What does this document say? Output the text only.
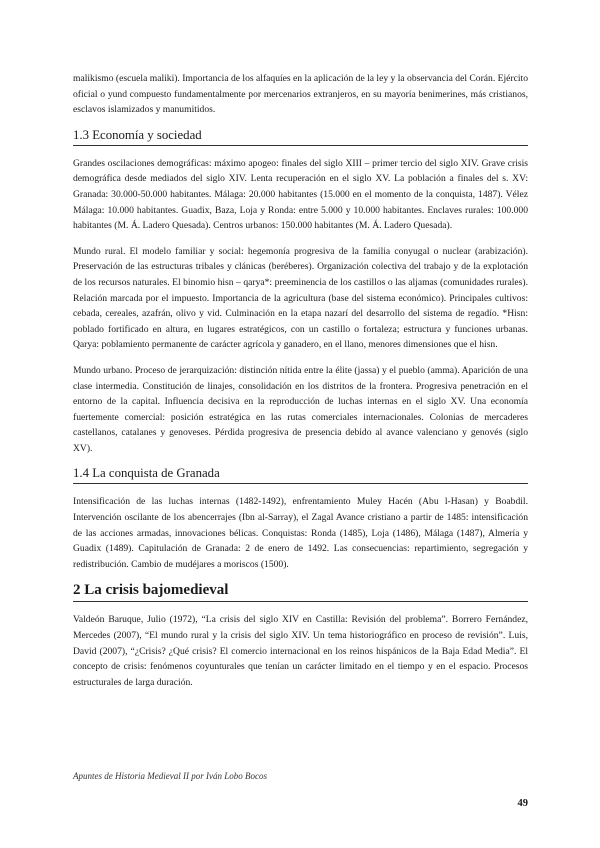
malikismo (escuela maliki). Importancia de los alfaquíes en la aplicación de la ley y la observancia del Corán. Ejército oficial o yund compuesto fundamentalmente por mercenarios extranjeros, en su mayoría benimerines, más cristianos, esclavos islamizados y manumitidos.

1.3 Economía y sociedad

Grandes oscilaciones demográficas: máximo apogeo: finales del siglo XIII – primer tercio del siglo XIV. Grave crisis demográfica desde mediados del siglo XIV. Lenta recuperación en el siglo XV. La población a finales del s. XV: Granada: 30.000-50.000 habitantes. Málaga: 20.000 habitantes (15.000 en el momento de la conquista, 1487). Vélez Málaga: 10.000 habitantes. Guadix, Baza, Loja y Ronda: entre 5.000 y 10.000 habitantes. Enclaves rurales: 100.000 habitantes (M. Á. Ladero Quesada). Centros urbanos: 150.000 habitantes (M. Á. Ladero Quesada).

Mundo rural. El modelo familiar y social: hegemonía progresiva de la familia conyugal o nuclear (arabización). Preservación de las estructuras tribales y clánicas (beréberes). Organización colectiva del trabajo y de la explotación de los recursos naturales. El binomio hisn – qarya*: preeminencia de los castillos o las aljamas (comunidades rurales). Relación marcada por el impuesto. Importancia de la agricultura (base del sistema económico). Principales cultivos: cebada, cereales, azafrán, olivo y vid. Culminación en la etapa nazarí del desarrollo del sistema de regadío. *Hisn: poblado fortificado en altura, en lugares estratégicos, con un castillo o fortaleza; estructura y funciones urbanas. Qarya: poblamiento permanente de carácter agrícola y ganadero, en el llano, menores dimensiones que el hisn.

Mundo urbano. Proceso de jerarquización: distinción nítida entre la élite (jassa) y el pueblo (amma). Aparición de una clase intermedia. Constitución de linajes, consolidación en los distritos de la frontera. Progresiva penetración en el entorno de la capital. Influencia decisiva en la reproducción de luchas internas en el siglo XV. Una economía fuertemente comercial: posición estratégica en las rutas comerciales internacionales. Colonias de mercaderes castellanos, catalanes y genoveses. Pérdida progresiva de presencia debido al avance valenciano y genovés (siglo XV).

1.4 La conquista de Granada

Intensificación de las luchas internas (1482-1492), enfrentamiento Muley Hacén (Abu l-Hasan) y Boabdil. Intervención oscilante de los abencerrajes (Ibn al-Sarray), el Zagal Avance cristiano a partir de 1485: intensificación de las acciones armadas, innovaciones bélicas. Conquistas: Ronda (1485), Loja (1486), Málaga (1487), Almería y Guadix (1489). Capitulación de Granada: 2 de enero de 1492. Las consecuencias: repartimiento, segregación y redistribución. Cambio de mudéjares a moriscos (1500).

2 La crisis bajomedieval

Valdeón Baruque, Julio (1972), “La crisis del siglo XIV en Castilla: Revisión del problema”. Borrero Fernández, Mercedes (2007), “El mundo rural y la crisis del siglo XIV. Un tema historiográfico en proceso de revisión”. Luis, David (2007), “¿Crisis? ¿Qué crisis? El comercio internacional en los reinos hispánicos de la Baja Edad Media”. El concepto de crisis: fenómenos coyunturales que tenían un carácter limitado en el tiempo y en el espacio. Procesos estructurales de larga duración.

Apuntes de Historia Medieval II por Iván Lobo Bocos
49
